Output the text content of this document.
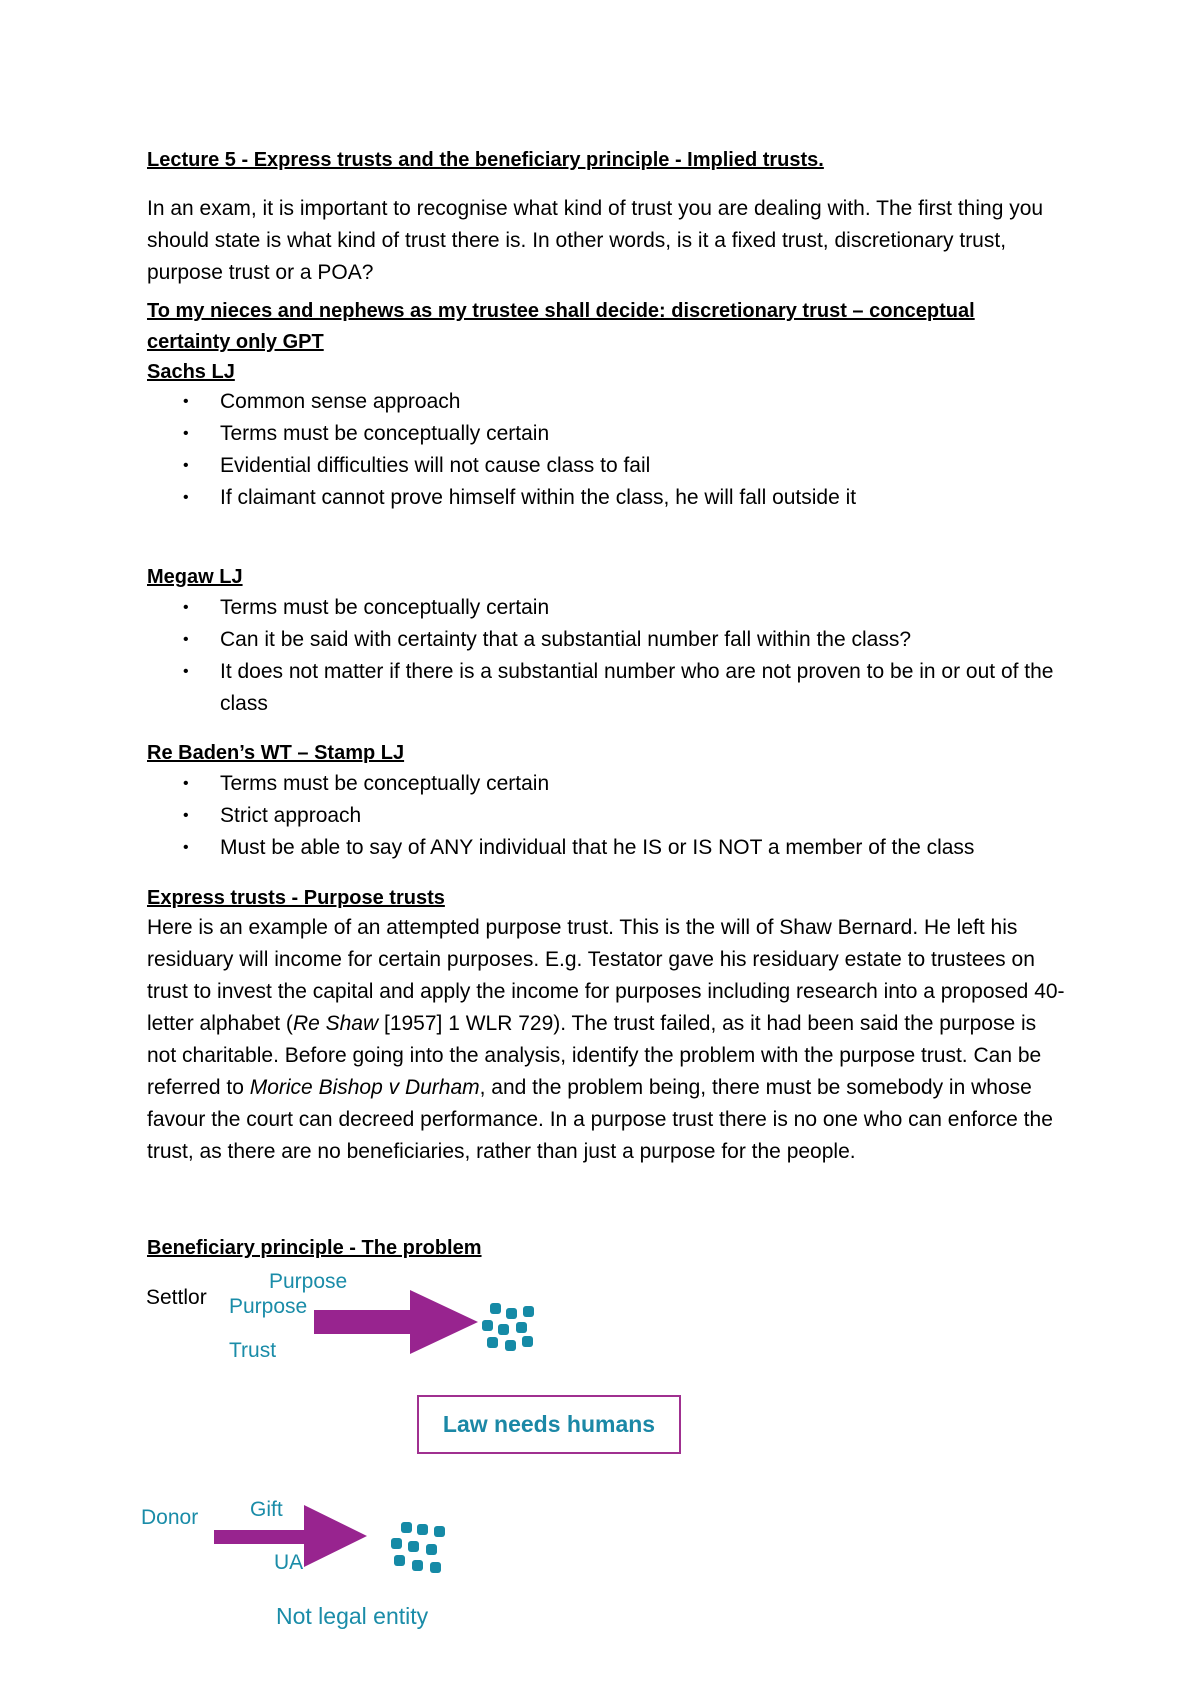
Lecture 5 - Express trusts and the beneficiary principle - Implied trusts.
In an exam, it is important to recognise what kind of trust you are dealing with. The first thing you should state is what kind of trust there is. In other words, is it a fixed trust, discretionary trust, purpose trust or a POA?
To my nieces and nephews as my trustee shall decide: discretionary trust – conceptual
certainty only GPT
Sachs LJ
• Common sense approach
• Terms must be conceptually certain
• Evidential difficulties will not cause class to fail
• If claimant cannot prove himself within the class, he will fall outside it
Megaw LJ
• Terms must be conceptually certain
• Can it be said with certainty that a substantial number fall within the class?
• It does not matter if there is a substantial number who are not proven to be in or out of the class
Re Baden’s WT – Stamp LJ
• Terms must be conceptually certain
• Strict approach
• Must be able to say of ANY individual that he IS or IS NOT a member of the class
Express trusts - Purpose trusts
Here is an example of an attempted purpose trust. This is the will of Shaw Bernard. He left his residuary will income for certain purposes. E.g. Testator gave his residuary estate to trustees on trust to invest the capital and apply the income for purposes including research into a proposed 40-letter alphabet (Re Shaw [1957] 1 WLR 729). The trust failed, as it had been said the purpose is not charitable. Before going into the analysis, identify the problem with the purpose trust. Can be referred to Morice Bishop v Durham, and the problem being, there must be somebody in whose favour the court can decreed performance. In a purpose trust there is no one who can enforce the trust, as there are no beneficiaries, rather than just a purpose for the people.
Beneficiary principle - The problem
Settlor
Purpose
Purpose
Trust
Law needs humans
Donor Gift
UA
Not legal entity
